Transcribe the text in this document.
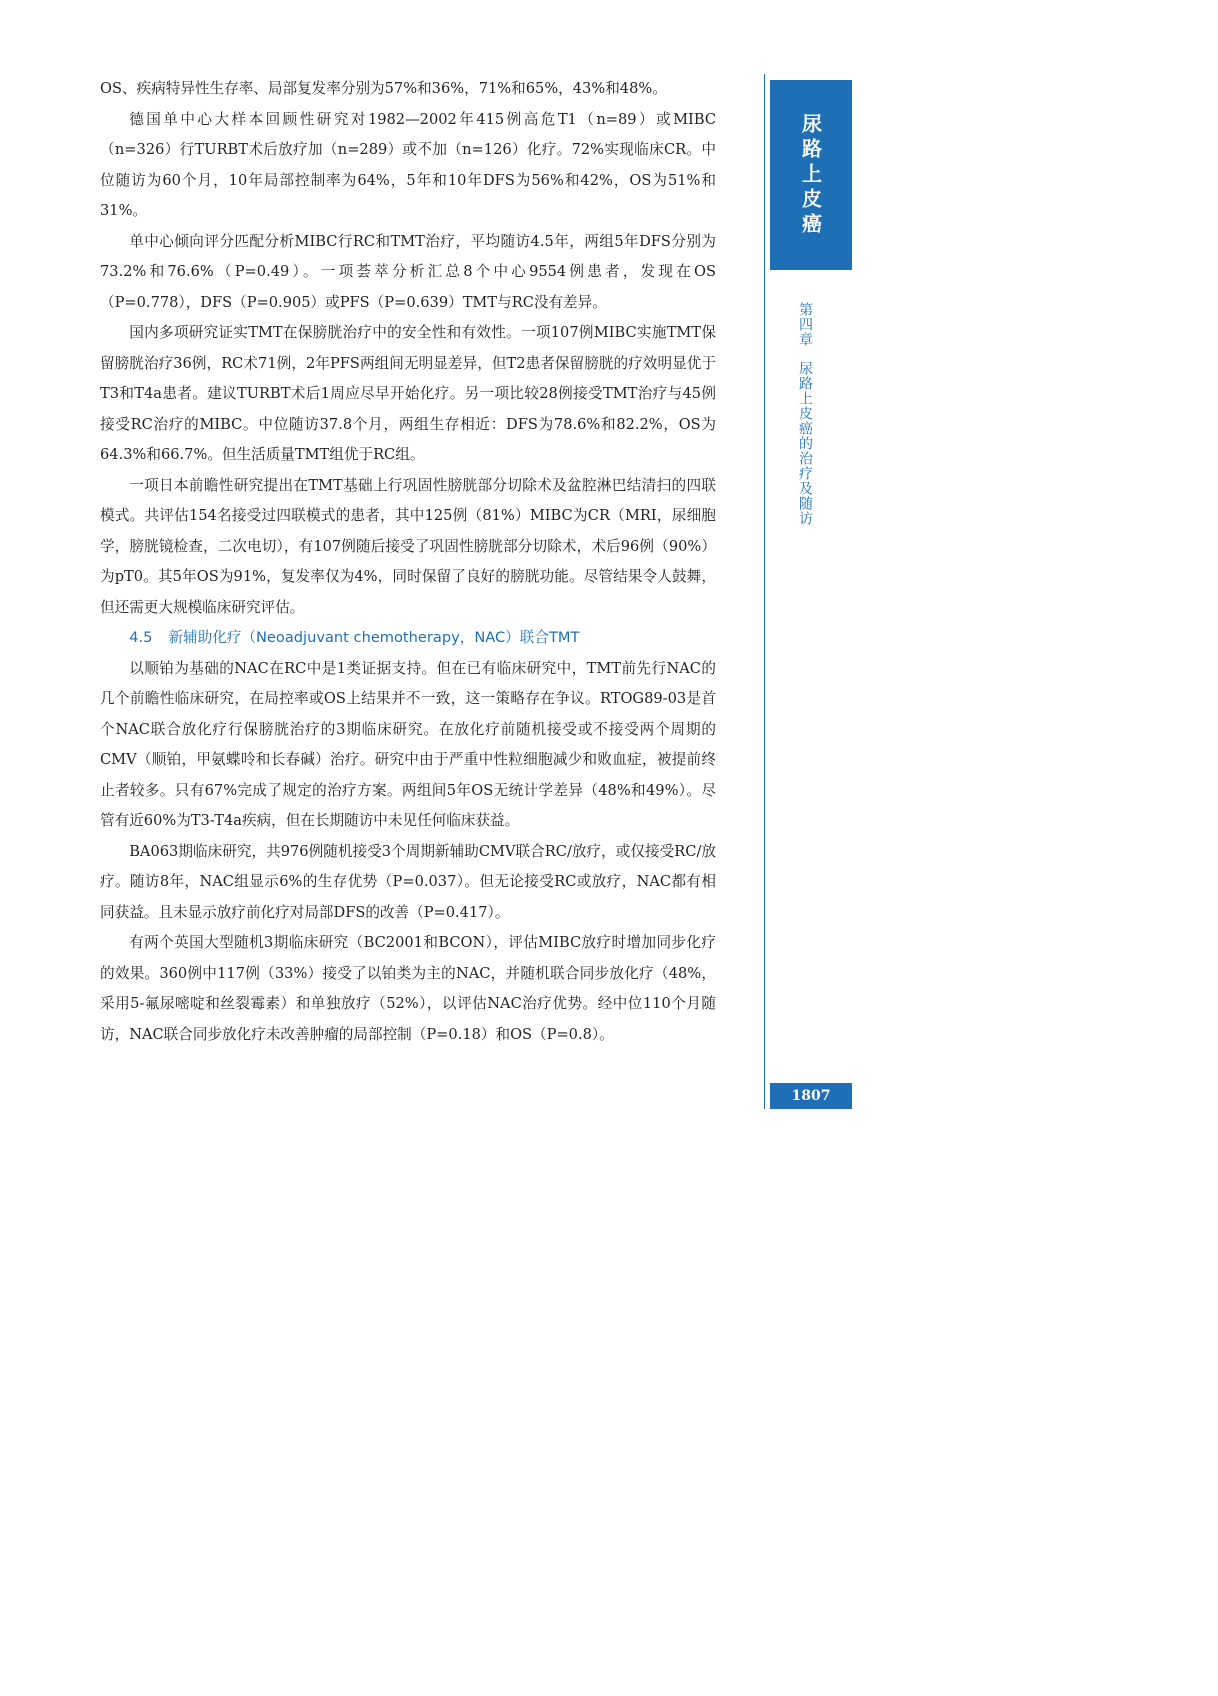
OS、疾病特异性生存率、局部复发率分别为57%和36%，71%和65%，43%和48%。

德国单中心大样本回顾性研究对1982—2002年415例高危T1（n=89）或MIBC（n=326）行TURBT术后放疗加（n=289）或不加（n=126）化疗。72%实现临床CR。中位随访为60个月，10年局部控制率为64%，5年和10年DFS为56%和42%，OS为51%和31%。

单中心倾向评分匹配分析MIBC行RC和TMT治疗，平均随访4.5年，两组5年DFS分别为73.2%和76.6%（P=0.49）。一项荟萃分析汇总8个中心9554例患者，发现在OS（P=0.778），DFS（P=0.905）或PFS（P=0.639）TMT与RC没有差异。

国内多项研究证实TMT在保膀胱治疗中的安全性和有效性。一项107例MIBC实施TMT保留膀胱治疗36例，RC术71例，2年PFS两组间无明显差异，但T2患者保留膀胱的疗效明显优于T3和T4a患者。建议TURBT术后1周应尽早开始化疗。另一项比较28例接受TMT治疗与45例接受RC治疗的MIBC。中位随访37.8个月，两组生存相近：DFS为78.6%和82.2%，OS为64.3%和66.7%。但生活质量TMT组优于RC组。

一项日本前瞻性研究提出在TMT基础上行巩固性膀胱部分切除术及盆腔淋巴结清扫的四联模式。共评估154名接受过四联模式的患者，其中125例（81%）MIBC为CR（MRI，尿细胞学，膀胱镜检查，二次电切），有107例随后接受了巩固性膀胱部分切除术，术后96例（90%）为pT0。其5年OS为91%，复发率仅为4%，同时保留了良好的膀胱功能。尽管结果令人鼓舞，但还需更大规模临床研究评估。

4.5 新辅助化疗（Neoadjuvant chemotherapy，NAC）联合TMT

以顺铂为基础的NAC在RC中是1类证据支持。但在已有临床研究中，TMT前先行NAC的几个前瞻性临床研究，在局控率或OS上结果并不一致，这一策略存在争议。RTOG89-03是首个NAC联合放化疗行保膀胱治疗的3期临床研究。在放化疗前随机接受或不接受两个周期的CMV（顺铂，甲氨蝶呤和长春碱）治疗。研究中由于严重中性粒细胞减少和败血症，被提前终止者较多。只有67%完成了规定的治疗方案。两组间5年OS无统计学差异（48%和49%）。尽管有近60%为T3-T4a疾病，但在长期随访中未见任何临床获益。

BA063期临床研究，共976例随机接受3个周期新辅助CMV联合RC/放疗，或仅接受RC/放疗。随访8年，NAC组显示6%的生存优势（P=0.037）。但无论接受RC或放疗，NAC都有相同获益。且未显示放疗前化疗对局部DFS的改善（P=0.417）。

有两个英国大型随机3期临床研究（BC2001和BCON），评估MIBC放疗时增加同步化疗的效果。360例中117例（33%）接受了以铂类为主的NAC，并随机联合同步放化疗（48%，采用5-氟尿嘧啶和丝裂霉素）和单独放疗（52%），以评估NAC治疗优势。经中位110个月随访，NAC联合同步放化疗未改善肿瘤的局部控制（P=0.18）和OS（P=0.8）。

尿路上皮癌
第四章尿路上皮癌的治疗及随访
1807
